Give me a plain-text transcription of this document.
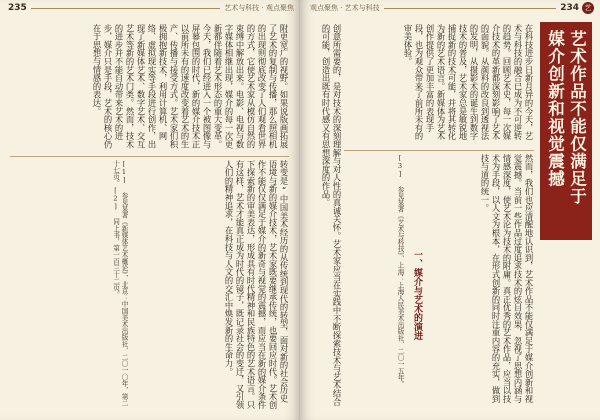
235	艺术与科技 · 观点聚焦
附更宽广的视野。如果说版画拓展了艺术的复制与传播，那么照相机的出现则彻底改变了人们观看世界的方式，它使艺术家从模仿自然的束缚中解放出来。电影、电视与数字媒体相继出现，媒介的每一次更新都伴随着艺术形态的重大变革。今天，我们已经进入一个被图像与屏幕包围的时代，新的媒介技术正以前所未有的速度改变着艺术的生产、传播与接受方式。艺术家们积极拥抱新技术，利用计算机、网络、虚拟现实等手段进行创作，出现了新媒体艺术、数字艺术、交互艺术等新的艺术门类。然而，技术的进步并不能自动带来艺术的进步，媒介只是手段，艺术的核心仍在于思想与情感的表达。
转变是“中国美术经历的从传统到现代的转型，面对新的社会历史语境与新的媒介技术，艺术家既要继承传统，也要回应时代。艺术创作不能仅仅满足于媒介的新奇与视觉的震撼，而应当在新的媒介条件下探索新的审美表达，形成具有时代精神和民族特色的艺术语言。只有这样，艺术才能真正成为时代的镜子，既记录社会的变迁，又引领人们的精神追求，在科技与人文的交汇中焕发新的生命力。
[1] 参见某著《新媒体艺术概论》，北京：中国美术出版社，二〇一〇年，第二十七页。[2] 同上书，第一百三十二页。
观点聚焦 · 艺术与科技	234 艺
艺术作品不能仅满足于
媒介创新和视觉震撼
在科技进步日新月异的今天，艺术与科技的融合已成为不可逆转的趋势。回顾艺术史，每一次媒介技术的革新都深刻影响了艺术的面貌。从颜料的改良到透视法的发明，从摄影术的诞生到数字技术的普及，艺术家总是敏锐地捕捉新的技术可能，并将其转化为新的艺术语言。新媒体为艺术创作提供了更加丰富的表现手段，也为观众带来了前所未有的审美体验。
然而，我们也应清醒地认识到，艺术作品不能仅满足于媒介创新和视觉震撼。当前一些作品过度追求技术的炫目效果，忽视了思想内涵与情感深度，使艺术沦为技术的附庸。真正优秀的艺术作品，应当以技术为手段，以人文为根本，在形式创新的同时注重内容的充实，做到技与道的统一。
一、媒介与艺术的演进
创意所需要的，是对技术的深刻理解与对人性的真诚关怀。艺术家应当在实践中不断探索技术与艺术结合的可能，创造出既有时代感又有思想深度的作品。
[3] 参见某著《艺术与科技》，上海：上海人民美术出版社，二〇一五年。
